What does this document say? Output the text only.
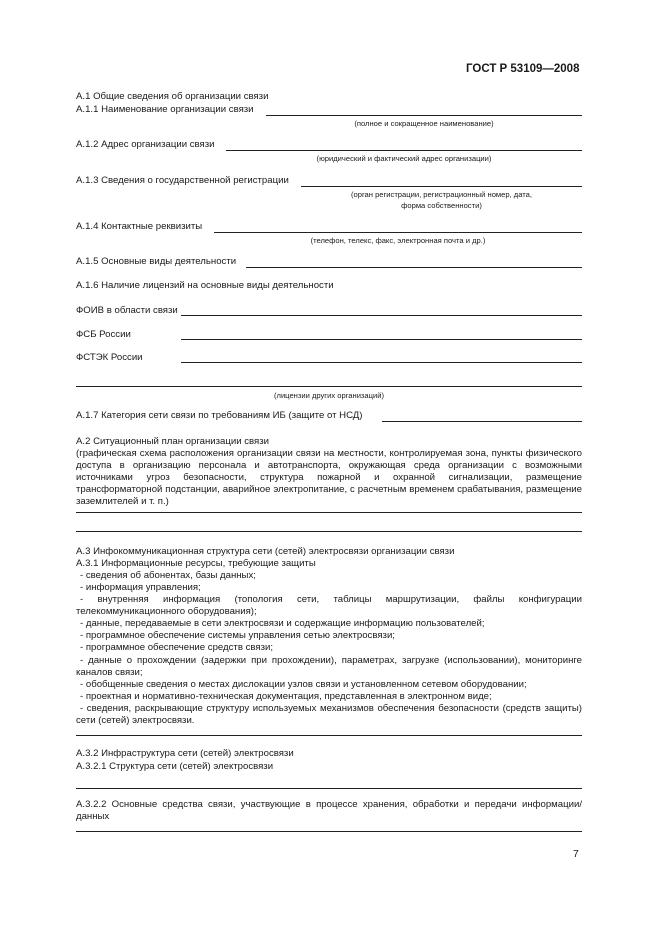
ГОСТ Р 53109—2008
А.1 Общие сведения об организации связи
А.1.1 Наименование организации связи
(полное и сокращенное наименование)
А.1.2 Адрес организации связи
(юридический и фактический адрес организации)
А.1.3 Сведения о государственной регистрации
(орган регистрации, регистрационный номер, дата,
форма собственности)
А.1.4 Контактные реквизиты
(телефон, телекс, факс, электронная почта и др.)
А.1.5 Основные виды деятельности
А.1.6 Наличие лицензий на основные виды деятельности
ФОИВ в области связи
ФСБ России
ФСТЭК России
(лицензии других организаций)
А.1.7 Категория сети связи по требованиям ИБ (защите от НСД)
А.2 Ситуационный план организации связи
(графическая схема расположения организации связи на местности, контролируемая зона, пункты физического доступа в организацию персонала и автотранспорта, окружающая среда организации с возможными источниками угроз безопасности, структура пожарной и охранной сигнализации, размещение трансформаторной подстанции, аварийное электропитание, с расчетным временем срабатывания, размещение заземлителей и т. п.)
А.3 Инфокоммуникационная структура сети (сетей) электросвязи организации связи
А.3.1 Информационные ресурсы, требующие защиты
- сведения об абонентах, базы данных;
- информация управления;
- внутренняя информация (топология сети, таблицы маршрутизации, файлы конфигурации телекоммуникационного оборудования);
- данные, передаваемые в сети электросвязи и содержащие информацию пользователей;
- программное обеспечение системы управления сетью электросвязи;
- программное обеспечение средств связи;
- данные о прохождении (задержки при прохождении), параметрах, загрузке (использовании), мониторинге каналов связи;
- обобщенные сведения о местах дислокации узлов связи и установленном сетевом оборудовании;
- проектная и нормативно-техническая документация, представленная в электронном виде;
- сведения, раскрывающие структуру используемых механизмов обеспечения безопасности (средств защиты) сети (сетей) электросвязи.
А.3.2 Инфраструктура сети (сетей) электросвязи
А.3.2.1 Структура сети (сетей) электросвязи
А.3.2.2 Основные средства связи, участвующие в процессе хранения, обработки и передачи информации/ данных
7
